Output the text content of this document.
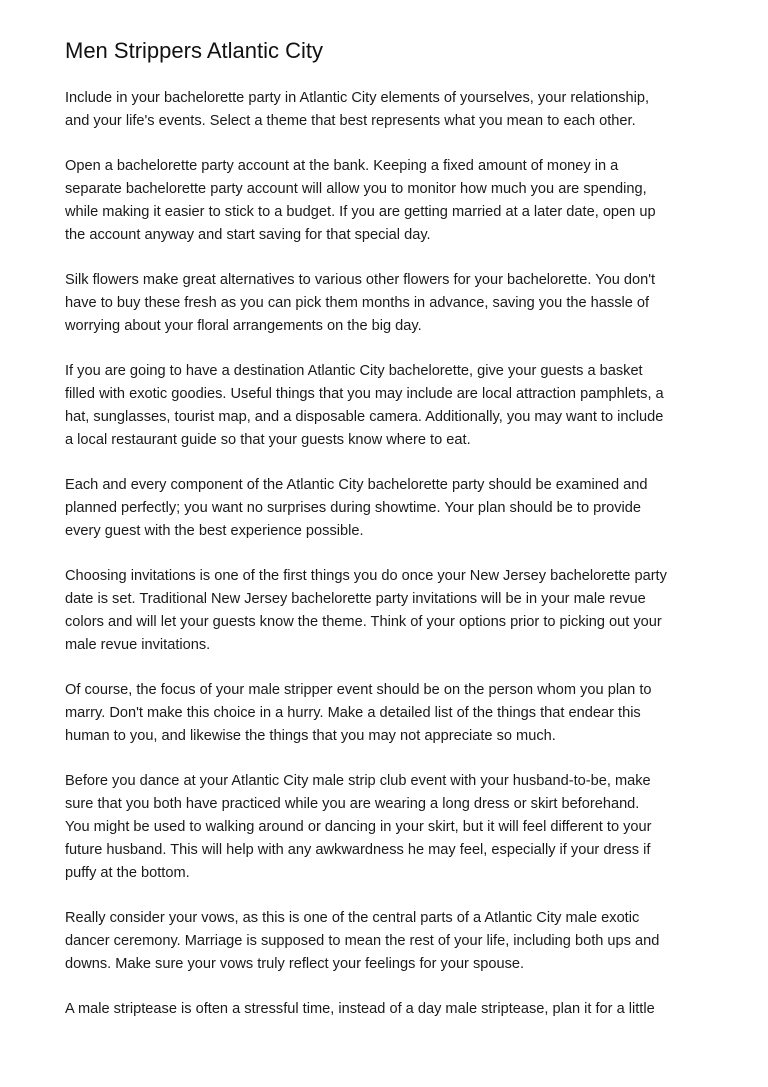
Men Strippers Atlantic City

Include in your bachelorette party in Atlantic City elements of yourselves, your relationship,
and your life's events. Select a theme that best represents what you mean to each other.

Open a bachelorette party account at the bank. Keeping a fixed amount of money in a
separate bachelorette party account will allow you to monitor how much you are spending,
while making it easier to stick to a budget. If you are getting married at a later date, open up
the account anyway and start saving for that special day.

Silk flowers make great alternatives to various other flowers for your bachelorette. You don't
have to buy these fresh as you can pick them months in advance, saving you the hassle of
worrying about your floral arrangements on the big day.

If you are going to have a destination Atlantic City bachelorette, give your guests a basket
filled with exotic goodies. Useful things that you may include are local attraction pamphlets, a
hat, sunglasses, tourist map, and a disposable camera. Additionally, you may want to include
a local restaurant guide so that your guests know where to eat.

Each and every component of the Atlantic City bachelorette party should be examined and
planned perfectly; you want no surprises during showtime. Your plan should be to provide
every guest with the best experience possible.

Choosing invitations is one of the first things you do once your New Jersey bachelorette party
date is set. Traditional New Jersey bachelorette party invitations will be in your male revue
colors and will let your guests know the theme. Think of your options prior to picking out your
male revue invitations.

Of course, the focus of your male stripper event should be on the person whom you plan to
marry. Don't make this choice in a hurry. Make a detailed list of the things that endear this
human to you, and likewise the things that you may not appreciate so much.

Before you dance at your Atlantic City male strip club event with your husband-to-be, make
sure that you both have practiced while you are wearing a long dress or skirt beforehand.
You might be used to walking around or dancing in your skirt, but it will feel different to your
future husband. This will help with any awkwardness he may feel, especially if your dress if
puffy at the bottom.

Really consider your vows, as this is one of the central parts of a Atlantic City male exotic
dancer ceremony. Marriage is supposed to mean the rest of your life, including both ups and
downs. Make sure your vows truly reflect your feelings for your spouse.

A male striptease is often a stressful time, instead of a day male striptease, plan it for a little
